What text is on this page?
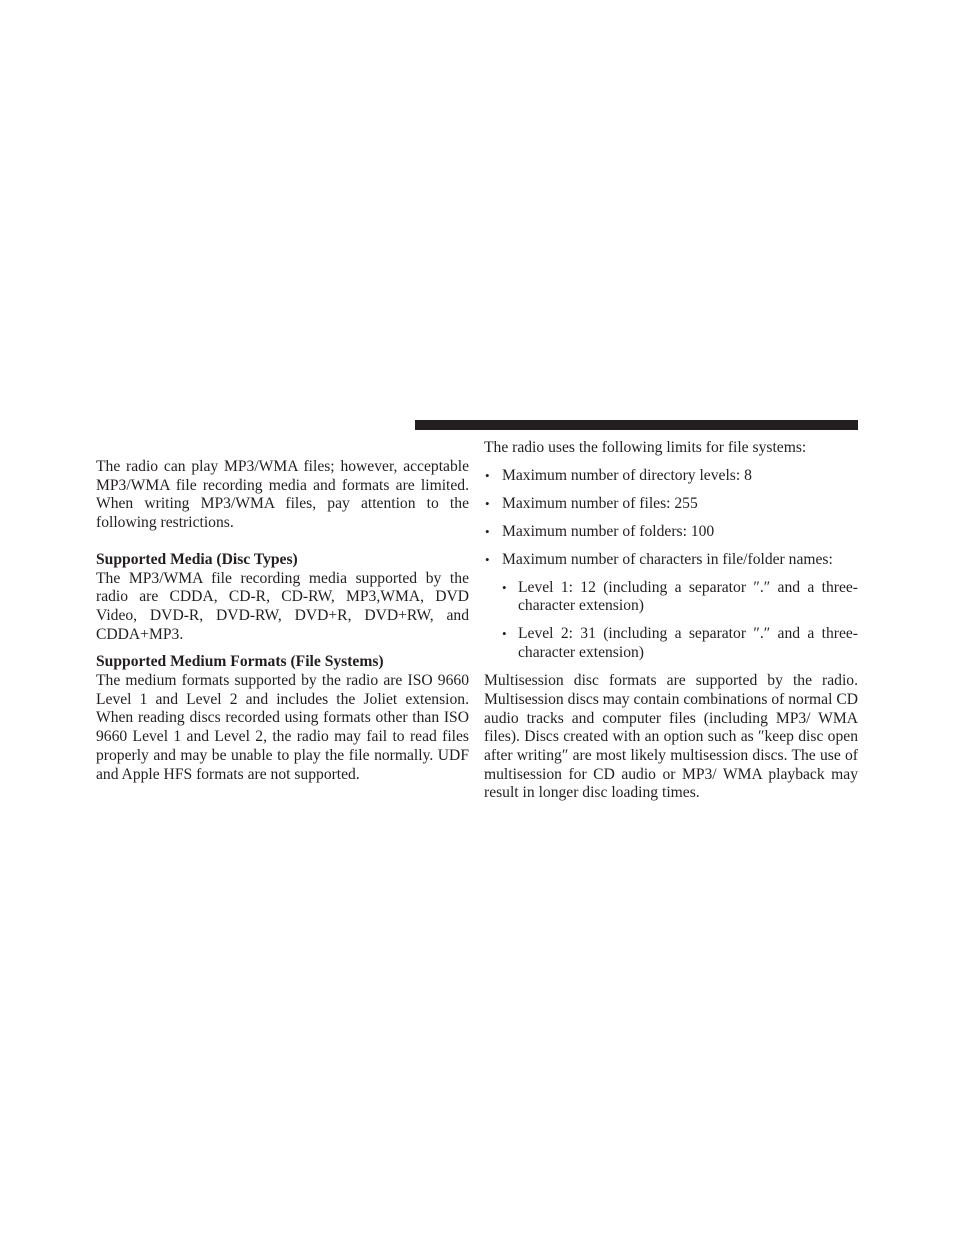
The radio can play MP3/WMA files; however, acceptable MP3/WMA file recording media and formats are limited. When writing MP3/WMA files, pay attention to the following restrictions.

Supported Media (Disc Types)

The MP3/WMA file recording media supported by the radio are CDDA, CD-R, CD-RW, MP3,WMA, DVD Video, DVD-R, DVD-RW, DVD+R, DVD+RW, and CDDA+MP3.

Supported Medium Formats (File Systems)

The medium formats supported by the radio are ISO 9660 Level 1 and Level 2 and includes the Joliet extension. When reading discs recorded using formats other than ISO 9660 Level 1 and Level 2, the radio may fail to read files properly and may be unable to play the file normally. UDF and Apple HFS formats are not supported.

The radio uses the following limits for file systems:

• Maximum number of directory levels: 8
• Maximum number of files: 255
• Maximum number of folders: 100
• Maximum number of characters in file/folder names:
• Level 1: 12 (including a separator ″.″ and a three-character extension)
• Level 2: 31 (including a separator ″.″ and a three-character extension)

Multisession disc formats are supported by the radio. Multisession discs may contain combinations of normal CD audio tracks and computer files (including MP3/ WMA files). Discs created with an option such as ″keep disc open after writing″ are most likely multisession discs. The use of multisession for CD audio or MP3/ WMA playback may result in longer disc loading times.
